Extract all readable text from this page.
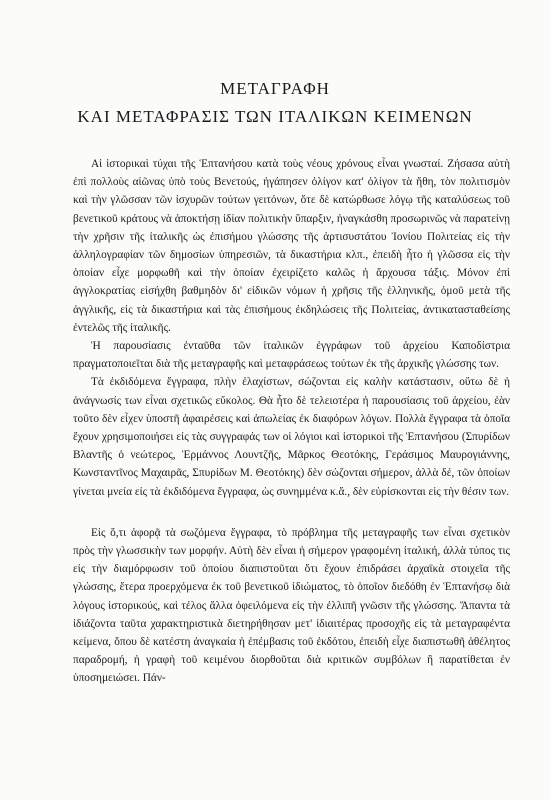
ΜΕΤΑΓΡΑΦΗ
ΚΑΙ ΜΕΤΑΦΡΑΣΙΣ ΤΩΝ ΙΤΑΛΙΚΩΝ ΚΕΙΜΕΝΩΝ

Αἱ ἱστορικαὶ τύχαι τῆς Ἑπτανήσου κατὰ τοὺς νέους χρόνους εἶναι γνωσταί. Ζήσασα αὐτὴ ἐπὶ πολλοὺς αἰῶνας ὑπὸ τοὺς Βενετούς, ἠγάπησεν ὀλίγον κατ' ὀλίγον τὰ ἤθη, τὸν πολιτισμὸν καὶ τὴν γλῶσσαν τῶν ἰσχυρῶν τούτων γειτόνων, ὅτε δὲ κατώρθωσε λόγῳ τῆς καταλύσεως τοῦ βενετικοῦ κράτους νὰ ἀποκτήσῃ ἰδίαν πολιτικὴν ὕπαρξιν, ἠναγκάσθη προσωρινῶς νὰ παρατείνῃ τὴν χρῆσιν τῆς ἰταλικῆς ὡς ἐπισήμου γλώσσης τῆς ἀρτισυστάτου Ἰονίου Πολιτείας εἰς τὴν ἀλληλογραφίαν τῶν δημοσίων ὑπηρεσιῶν, τὰ δικαστήρια κλπ., ἐπειδὴ ἦτο ἡ γλῶσσα εἰς τὴν ὁποίαν εἶχε μορφωθῆ καὶ τὴν ὁποίαν ἐχειρίζετο καλῶς ἡ ἄρχουσα τάξις. Μόνον ἐπὶ ἀγγλοκρατίας εἰσήχθη βαθμηδὸν δι' εἰδικῶν νόμων ἡ χρῆσις τῆς ἑλληνικῆς, ὁμοῦ μετὰ τῆς ἀγγλικῆς, εἰς τὰ δικαστήρια καὶ τὰς ἐπισήμους ἐκδηλώσεις τῆς Πολιτείας, ἀντικατασταθείσης ἐντελῶς τῆς ἰταλικῆς.

Ἡ παρουσίασις ἐνταῦθα τῶν ἰταλικῶν ἐγγράφων τοῦ ἀρχείου Καποδίστρια πραγματοποιεῖται διὰ τῆς μεταγραφῆς καὶ μεταφράσεως τούτων ἐκ τῆς ἀρχικῆς γλώσσης των.

Τὰ ἐκδιδόμενα ἔγγραφα, πλὴν ἐλαχίστων, σώζονται εἰς καλὴν κατάστασιν, οὕτω δὲ ἡ ἀνάγνωσίς των εἶναι σχετικῶς εὔκολος. Θὰ ἦτο δὲ τελειοτέρα ἡ παρουσίασις τοῦ ἀρχείου, ἐὰν τοῦτο δὲν εἶχεν ὑποστῆ ἀφαιρέσεις καὶ ἀπωλείας ἐκ διαφόρων λόγων. Πολλὰ ἔγγραφα τὰ ὁποῖα ἔχουν χρησιμοποιήσει εἰς τὰς συγγραφάς των οἱ λόγιοι καὶ ἱστορικοὶ τῆς Ἑπτανήσου (Σπυρίδων Βλαντῆς ὁ νεώτερος, Ἑρμάννος Λουντζῆς, Μᾶρκος Θεοτόκης, Γεράσιμος Μαυρογιάννης, Κωνσταντῖνος Μαχαιρᾶς, Σπυρίδων Μ. Θεοτόκης) δὲν σώζονται σήμερον, ἀλλὰ δέ, τῶν ὁποίων γίνεται μνεία εἰς τὰ ἐκδιδόμενα ἔγγραφα, ὡς συνημμένα κ.ἄ., δὲν εὑρίσκονται εἰς τὴν θέσιν των.

Εἰς ὅ,τι ἀφορᾷ τὰ σωζόμενα ἔγγραφα, τὸ πρόβλημα τῆς μεταγραφῆς των εἶναι σχετικὸν πρὸς τὴν γλωσσικὴν των μορφήν. Αὐτὴ δὲν εἶναι ἡ σήμερον γραφομένη ἰταλική, ἀλλὰ τύπος τις εἰς τὴν διαμόρφωσιν τοῦ ὁποίου διαπιστοῦται ὅτι ἔχουν ἐπιδράσει ἀρχαϊκὰ στοιχεῖα τῆς γλώσσης, ἕτερα προερχόμενα ἐκ τοῦ βενετικοῦ ἰδιώματος, τὸ ὁποῖον διεδόθη ἐν Ἑπτανήσῳ διὰ λόγους ἱστορικούς, καὶ τέλος ἄλλα ὀφειλόμενα εἰς τὴν ἐλλιπῆ γνῶσιν τῆς γλώσσης. Ἅπαντα τὰ ἰδιάζοντα ταῦτα χαρακτηριστικὰ διετηρήθησαν μετ' ἰδιαιτέρας προσοχῆς εἰς τὰ μεταγραφέντα κείμενα, ὅπου δὲ κατέστη ἀναγκαία ἡ ἐπέμβασις τοῦ ἐκδότου, ἐπειδὴ εἶχε διαπιστωθῆ ἀθέλητος παραδρομή, ἡ γραφὴ τοῦ κειμένου διορθοῦται διὰ κριτικῶν συμβόλων ἢ παρατίθεται ἐν ὑποσημειώσει. Πάν-
